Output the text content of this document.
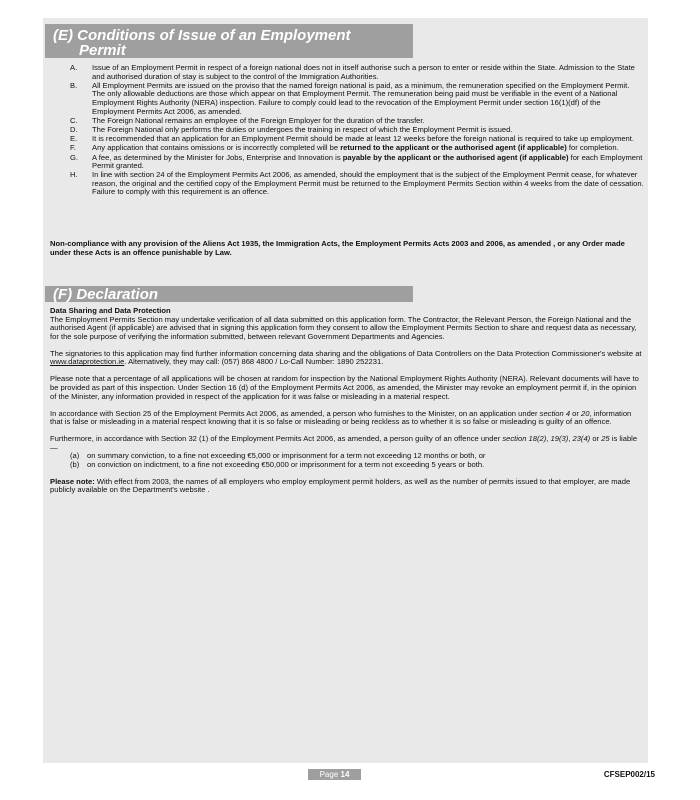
(E) Conditions of Issue of an Employment
Permit
A.	Issue of an Employment Permit in respect of a foreign national does not in itself authorise such a person to enter or reside within the State. Admission to the State and authorised duration of stay is subject to the control of the Immigration Authorities.
B.	All Employment Permits are issued on the proviso that the named foreign national is paid, as a minimum, the remuneration specified on the Employment Permit. The only allowable deductions are those which appear on that Employment Permit. The remuneration being paid must be verifiable in the event of a National Employment Rights Authority (NERA) inspection. Failure to comply could lead to the revocation of the Employment Permit under section 16(1)(df) of the Employment Permits Act 2006, as amended.
C.	The Foreign National remains an employee of the Foreign Employer for the duration of the transfer.
D.	The Foreign National only performs the duties or undergoes the training in respect of which the Employment Permit is issued.
E.	It is recommended that an application for an Employment Permit should be made at least 12 weeks before the foreign national is required to take up employment.
F.	Any application that contains omissions or is incorrectly completed will be returned to the applicant or the authorised agent (if applicable) for completion.
G.	A fee, as determined by the Minister for Jobs, Enterprise and Innovation is payable by the applicant or the authorised agent (if applicable) for each Employment Permit granted.
H.	In line with section 24 of the Employment Permits Act 2006, as amended, should the employment that is the subject of the Employment Permit cease, for whatever reason, the original and the certified copy of the Employment Permit must be returned to the Employment Permits Section within 4 weeks from the date of cessation. Failure to comply with this requirement is an offence.
Non-compliance with any provision of the Aliens Act 1935, the Immigration Acts, the Employment Permits Acts 2003 and 2006, as amended , or any Order made under these Acts is an offence punishable by Law.
(F) Declaration

Data Sharing and Data Protection

The Employment Permits Section may undertake verification of all data submitted on this application form. The Contractor, the Relevant Person, the Foreign National and the authorised Agent (if applicable) are advised that in signing this application form they consent to allow the Employment Permits Section to share and request data as necessary, for the sole purpose of verifying the information submitted, between relevant Government Departments and Agencies.

The signatories to this application may find further information concerning data sharing and the obligations of Data Controllers on the Data Protection Commissioner's website at www.dataprotection.ie. Alternatively, they may call: (057) 868 4800 / Lo-Call Number: 1890 252231.

Please note that a percentage of all applications will be chosen at random for inspection by the National Employment Rights Authority (NERA). Relevant documents will have to be provided as part of this inspection. Under Section 16 (d) of the Employment Permits Act 2006, as amended, the Minister may revoke an employment permit if, in the opinion of the Minister, any information provided in respect of the application for it was false or misleading in a material respect.

In accordance with Section 25 of the Employment Permits Act 2006, as amended, a person who furnishes to the Minister, on an application under section 4 or 20, information that is false or misleading in a material respect knowing that it is so false or misleading or being reckless as to whether it is so false or misleading is guilty of an offence.

Furthermore, in accordance with Section 32 (1) of the Employment Permits Act 2006, as amended, a person guilty of an offence under section 18(2), 19(3), 23(4) or 25 is liable—

(a)	on summary conviction, to a fine not exceeding €5,000 or imprisonment for a term not exceeding 12 months or both, or
(b)	on conviction on indictment, to a fine not exceeding €50,000 or imprisonment for a term not exceeding 5 years or both.

Please note: With effect from 2003, the names of all employers who employ employment permit holders, as well as the number of permits issued to that employer, are made publicly available on the Department's website .

Page 14	CFSEP002/15
